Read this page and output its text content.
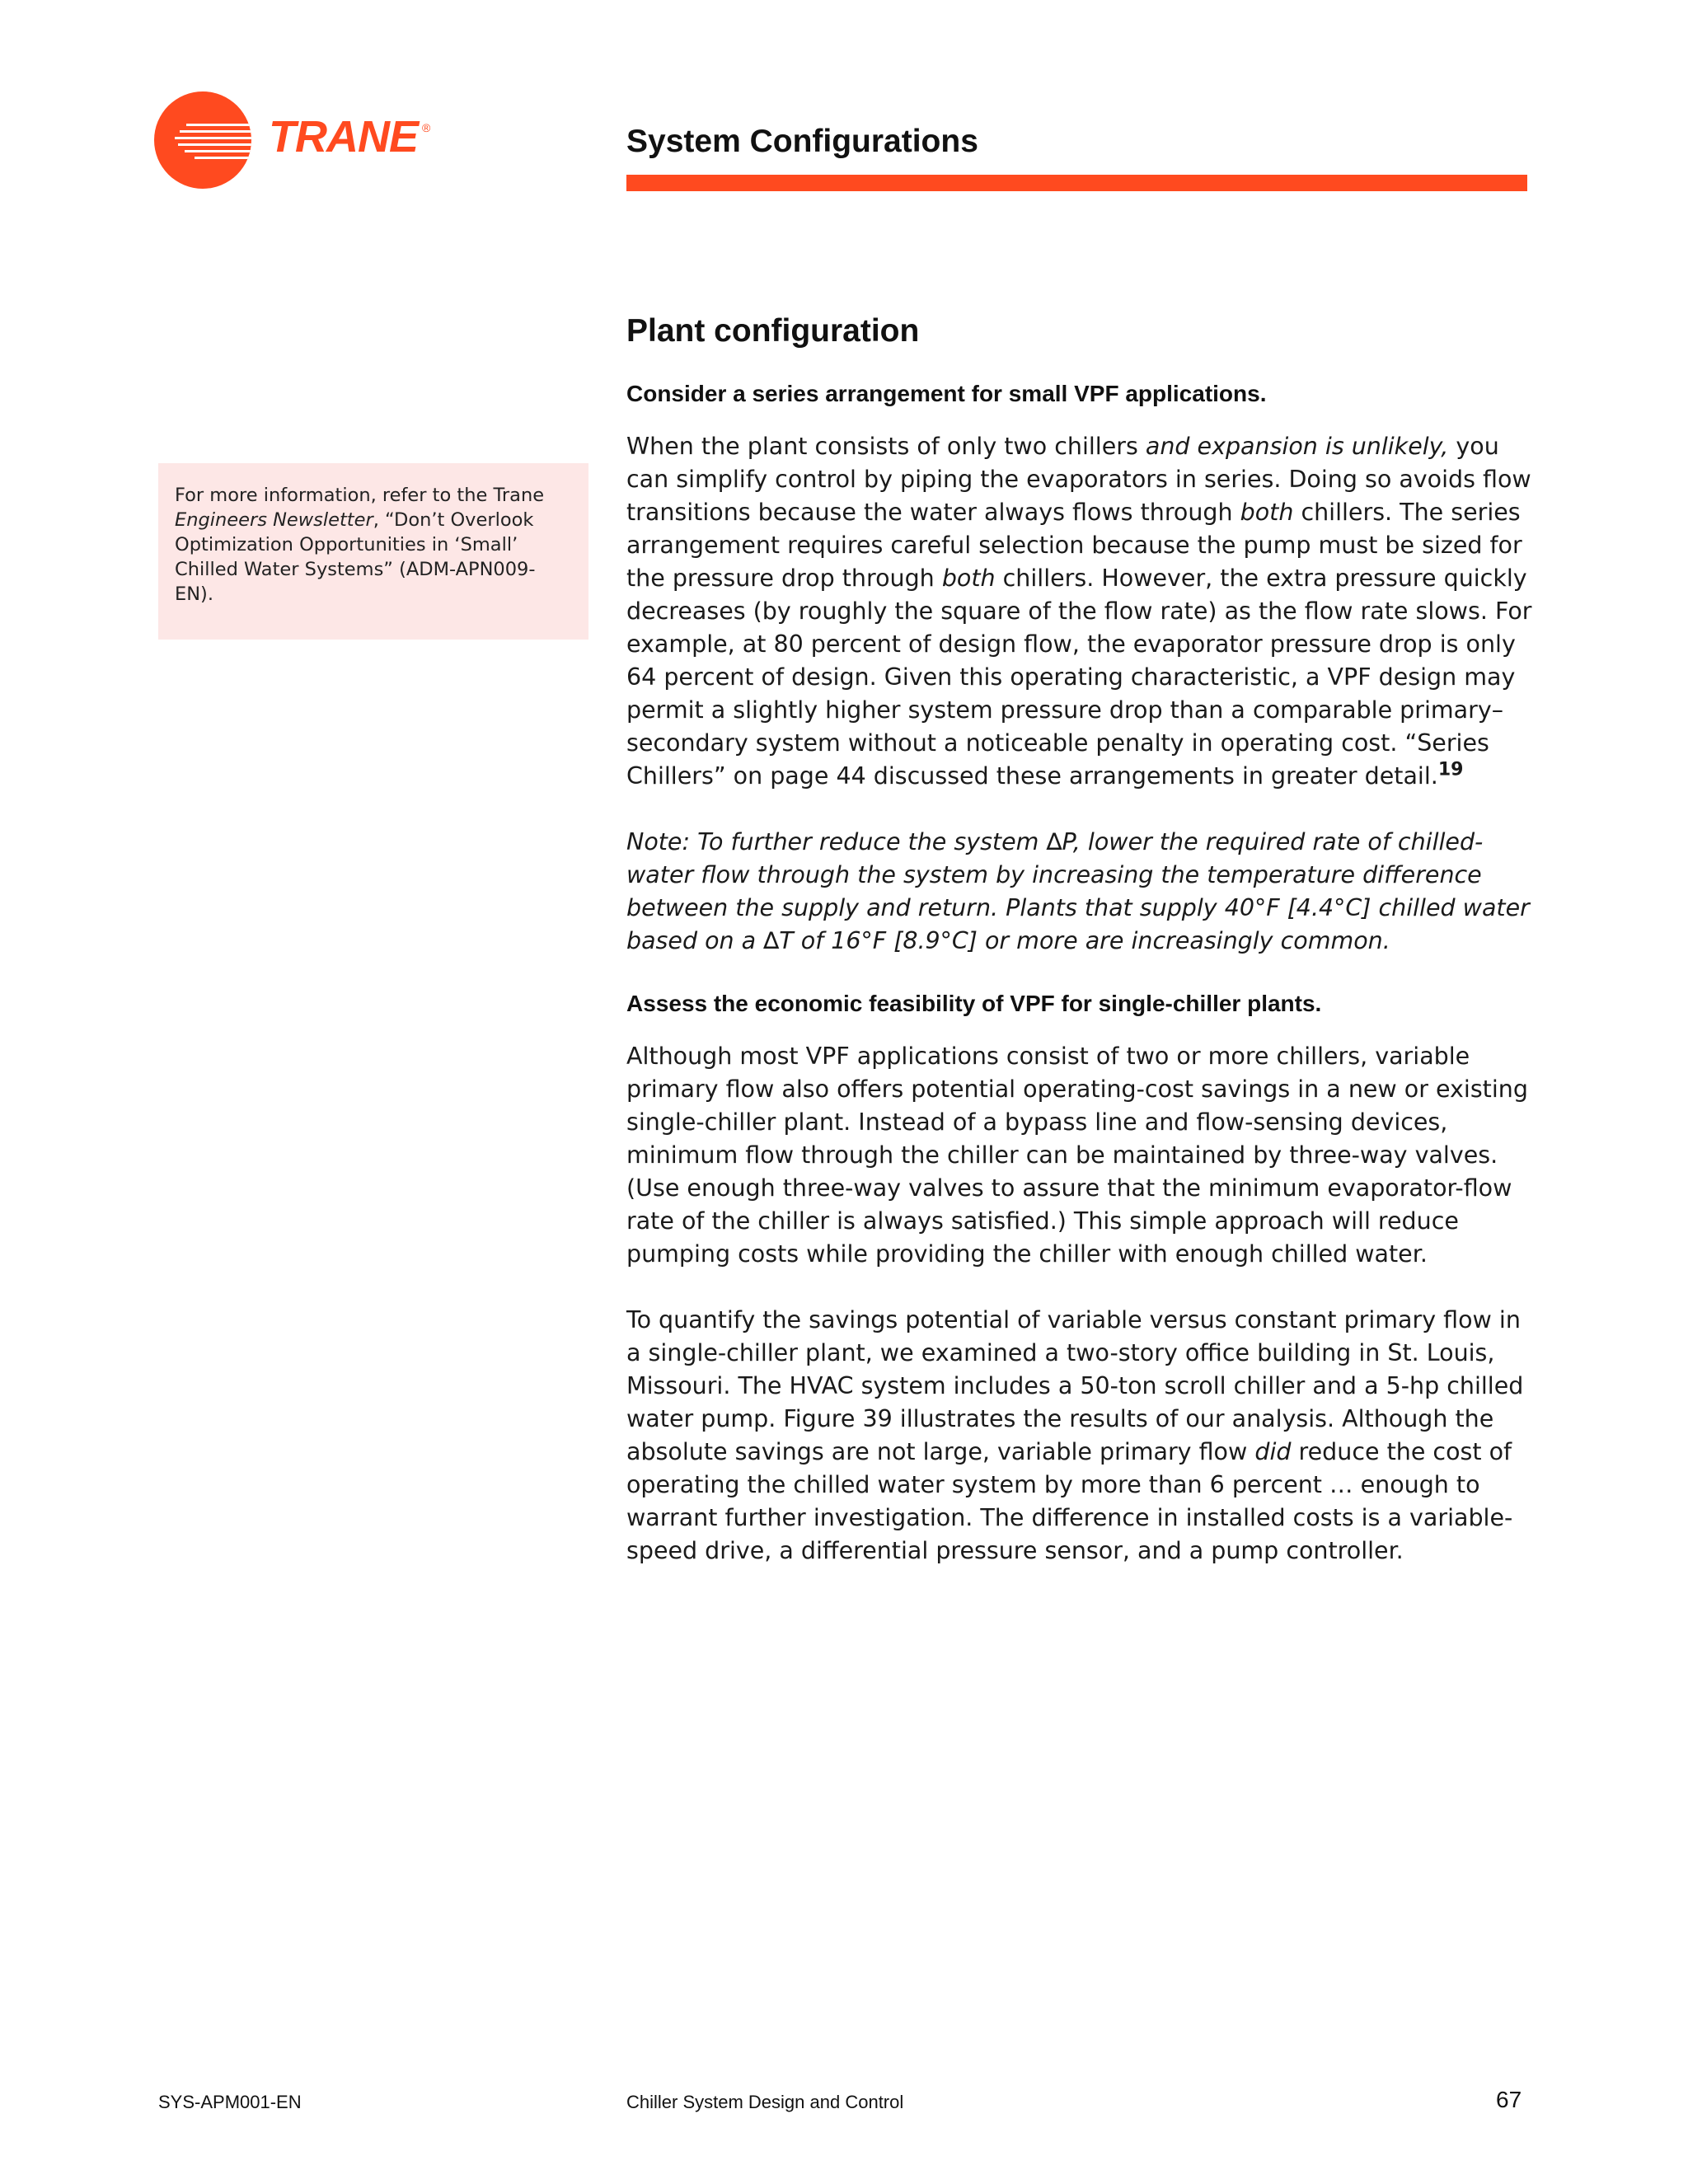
TRANE ®	System Configurations
For more information, refer to the Trane Engineers Newsletter, “Don’t Overlook Optimization Opportunities in ‘Small’ Chilled Water Systems” (ADM-APN009-EN).
Plant configuration
Consider a series arrangement for small VPF applications.
When the plant consists of only two chillers and expansion is unlikely, you can simplify control by piping the evaporators in series. Doing so avoids flow transitions because the water always flows through both chillers. The series arrangement requires careful selection because the pump must be sized for the pressure drop through both chillers. However, the extra pressure quickly decreases (by roughly the square of the flow rate) as the flow rate slows. For example, at 80 percent of design flow, the evaporator pressure drop is only 64 percent of design. Given this operating characteristic, a VPF design may permit a slightly higher system pressure drop than a comparable primary–secondary system without a noticeable penalty in operating cost. “Series Chillers” on page 44 discussed these arrangements in greater detail.$^{19}$
Note: To further reduce the system ∆P, lower the required rate of chilled-water flow through the system by increasing the temperature difference between the supply and return. Plants that supply 40°F [4.4°C] chilled water based on a ∆T of 16°F [8.9°C] or more are increasingly common.
Assess the economic feasibility of VPF for single-chiller plants.
Although most VPF applications consist of two or more chillers, variable primary flow also offers potential operating-cost savings in a new or existing single-chiller plant. Instead of a bypass line and flow-sensing devices, minimum flow through the chiller can be maintained by three-way valves. (Use enough three-way valves to assure that the minimum evaporator-flow rate of the chiller is always satisfied.) This simple approach will reduce pumping costs while providing the chiller with enough chilled water.
To quantify the savings potential of variable versus constant primary flow in a single-chiller plant, we examined a two-story office building in St. Louis, Missouri. The HVAC system includes a 50-ton scroll chiller and a 5-hp chilled water pump. Figure 39 illustrates the results of our analysis. Although the absolute savings are not large, variable primary flow did reduce the cost of operating the chilled water system by more than 6 percent … enough to warrant further investigation. The difference in installed costs is a variable-speed drive, a differential pressure sensor, and a pump controller.
SYS-APM001-EN	Chiller System Design and Control	67
